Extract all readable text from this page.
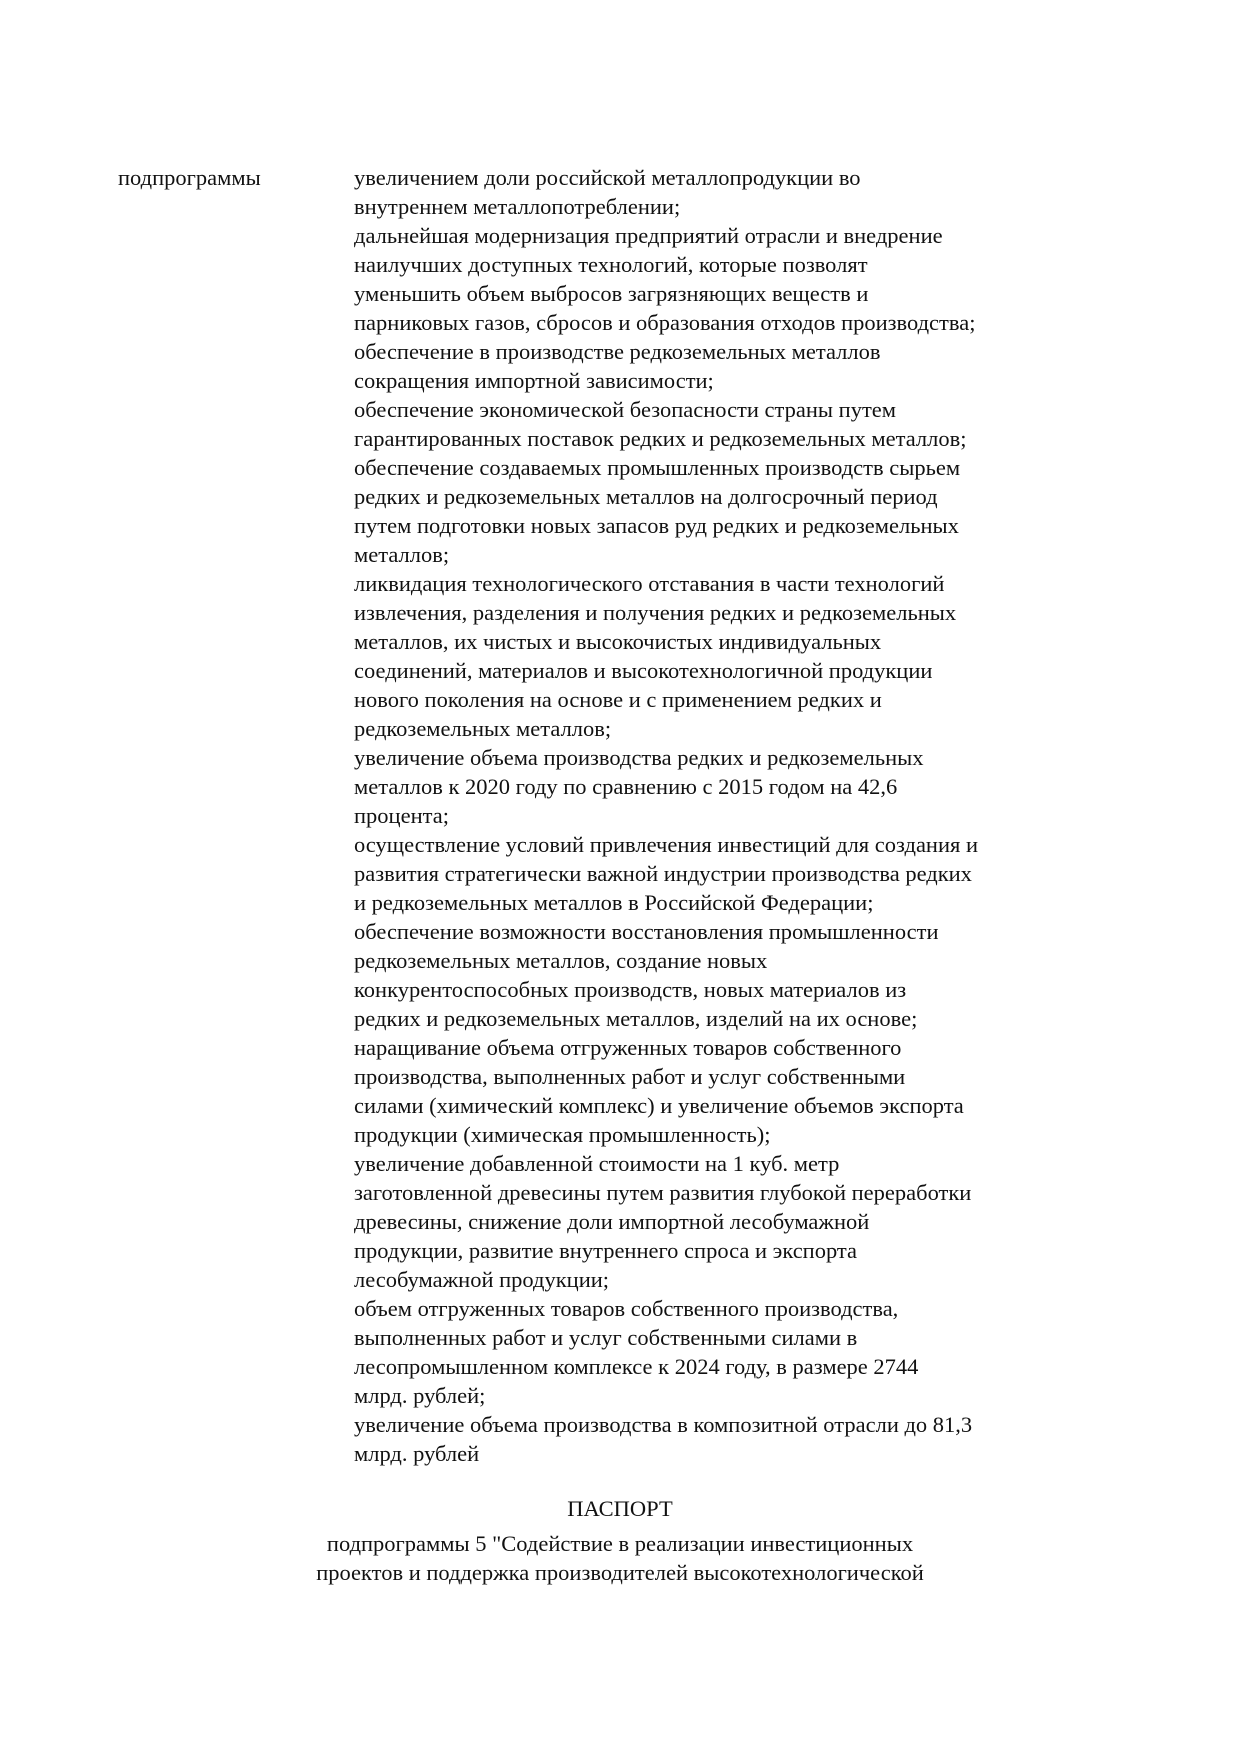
подпрограммы	увеличением доли российской металлопродукции во
внутреннем металлопотреблении;
дальнейшая модернизация предприятий отрасли и внедрение
наилучших доступных технологий, которые позволят
уменьшить объем выбросов загрязняющих веществ и
парниковых газов, сбросов и образования отходов производства;
обеспечение в производстве редкоземельных металлов
сокращения импортной зависимости;
обеспечение экономической безопасности страны путем
гарантированных поставок редких и редкоземельных металлов;
обеспечение создаваемых промышленных производств сырьем
редких и редкоземельных металлов на долгосрочный период
путем подготовки новых запасов руд редких и редкоземельных
металлов;
ликвидация технологического отставания в части технологий
извлечения, разделения и получения редких и редкоземельных
металлов, их чистых и высокочистых индивидуальных
соединений, материалов и высокотехнологичной продукции
нового поколения на основе и с применением редких и
редкоземельных металлов;
увеличение объема производства редких и редкоземельных
металлов к 2020 году по сравнению с 2015 годом на 42,6
процента;
осуществление условий привлечения инвестиций для создания и
развития стратегически важной индустрии производства редких
и редкоземельных металлов в Российской Федерации;
обеспечение возможности восстановления промышленности
редкоземельных металлов, создание новых
конкурентоспособных производств, новых материалов из
редких и редкоземельных металлов, изделий на их основе;
наращивание объема отгруженных товаров собственного
производства, выполненных работ и услуг собственными
силами (химический комплекс) и увеличение объемов экспорта
продукции (химическая промышленность);
увеличение добавленной стоимости на 1 куб. метр
заготовленной древесины путем развития глубокой переработки
древесины, снижение доли импортной лесобумажной
продукции, развитие внутреннего спроса и экспорта
лесобумажной продукции;
объем отгруженных товаров собственного производства,
выполненных работ и услуг собственными силами в
лесопромышленном комплексе к 2024 году, в размере 2744
млрд. рублей;
увеличение объема производства в композитной отрасли до 81,3
млрд. рублей
ПАСПОРТ
подпрограммы 5 "Содействие в реализации инвестиционных
проектов и поддержка производителей высокотехнологической
